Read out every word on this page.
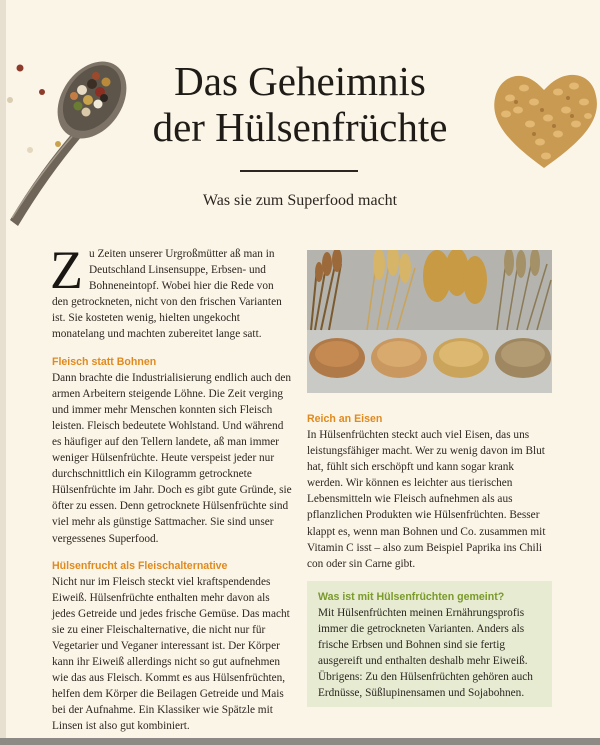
Das Geheimnis
der Hülsenfrüchte
Was sie zum Superfood macht

Zu Zeiten unserer Urgroßmütter aß man in Deutschland Linsensuppe, Erbsen- und Bohneneintopf. Wobei hier die Rede von den getrockneten, nicht von den frischen Varianten ist. Sie kosteten wenig, hielten ungekocht monatelang und machten zubereitet lange satt.

Fleisch statt Bohnen

Dann brachte die Industrialisierung endlich auch den armen Arbeitern steigende Löhne. Die Zeit verging und immer mehr Menschen konnten sich Fleisch leisten. Fleisch bedeutete Wohlstand. Und während es häufiger auf den Tellern landete, aß man immer weniger Hülsenfrüchte. Heute verspeist jeder nur durchschnittlich ein Kilogramm getrocknete Hülsenfrüchte im Jahr. Doch es gibt gute Gründe, sie öfter zu essen. Denn getrocknete Hülsenfrüchte sind viel mehr als günstige Sattmacher. Sie sind unser vergessenes Superfood.

Hülsenfrucht als Fleischalternative

Nicht nur im Fleisch steckt viel kraftspendendes Eiweiß. Hülsenfrüchte enthalten mehr davon als jedes Getreide und jedes frische Gemüse. Das macht sie zu einer Fleischalternative, die nicht nur für Vegetarier und Veganer interessant ist. Der Körper kann ihr Eiweiß allerdings nicht so gut aufnehmen wie das aus Fleisch. Kommt es aus Hülsenfrüchten, helfen dem Körper die Beilagen Getreide und Mais bei der Aufnahme. Ein Klassiker wie Spätzle mit Linsen ist also gut kombiniert.

Reich an Eisen

In Hülsenfrüchten steckt auch viel Eisen, das uns leistungsfähiger macht. Wer zu wenig davon im Blut hat, fühlt sich erschöpft und kann sogar krank werden. Wir können es leichter aus tierischen Lebensmitteln wie Fleisch aufnehmen als aus pflanzlichen Produkten wie Hülsenfrüchten. Besser klappt es, wenn man Bohnen und Co. zusammen mit Vitamin C isst – also zum Beispiel Paprika ins Chili con oder sin Carne gibt.

Was ist mit Hülsenfrüchten gemeint?

Mit Hülsenfrüchten meinen Ernährungsprofis immer die getrockneten Varianten. Anders als frische Erbsen und Bohnen sind sie fertig ausgereift und enthalten deshalb mehr Eiweiß. Übrigens: Zu den Hülsenfrüchten gehören auch Erdnüsse, Süßlupinensamen und Sojabohnen.
